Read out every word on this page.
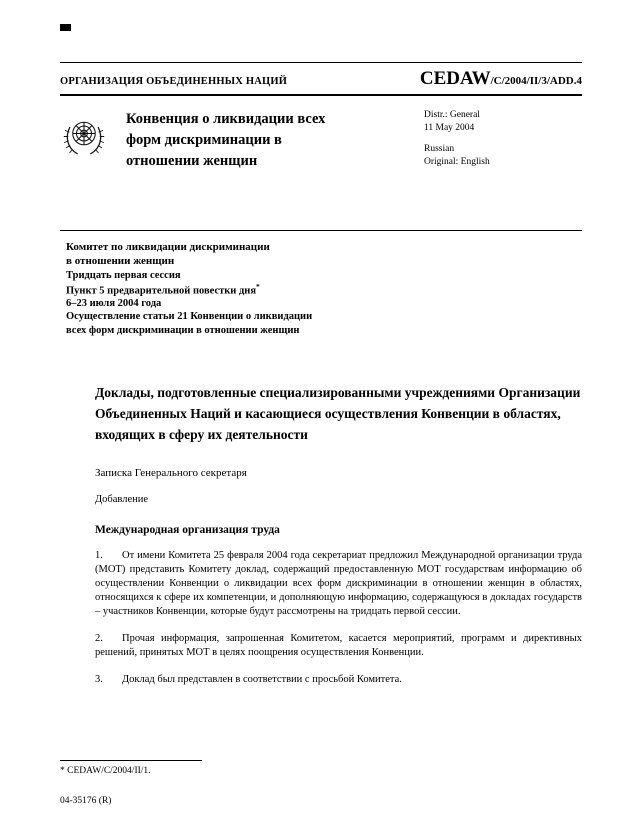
ОРГАНИЗАЦИЯ ОБЪЕДИНЕННЫХ НАЦИЙ	CEDAW/C/2004/II/3/ADD.4
Конвенция о ликвидации всех форм дискриминации в отношении женщин
Distr.: General
11 May 2004
Russian
Original: English
Комитет по ликвидации дискриминации
в отношении женщин
Тридцать первая сессия
Пункт 5 предварительной повестки дня*
6–23 июля 2004 года
Осуществление статьи 21 Конвенции о ликвидации
всех форм дискриминации в отношении женщин
Доклады, подготовленные специализированными учреждениями Организации Объединенных Наций и касающиеся осуществления Конвенции в областях, входящих в сферу их деятельности

Записка Генерального секретаря

Добавление

Международная организация труда

1. От имени Комитета 25 февраля 2004 года секретариат предложил Международной организации труда (МОТ) представить Комитету доклад, содержащий предоставленную МОТ государствам информацию об осуществлении Конвенции о ликвидации всех форм дискриминации в отношении женщин в областях, относящихся к сфере их компетенции, и дополняющую информацию, содержащуюся в докладах государств – участников Конвенции, которые будут рассмотрены на тридцать первой сессии.

2. Прочая информация, запрошенная Комитетом, касается мероприятий, программ и директивных решений, принятых МОТ в целях поощрения осуществления Конвенции.

3. Доклад был представлен в соответствии с просьбой Комитета.

* CEDAW/C/2004/II/1.
04-35176 (R)
